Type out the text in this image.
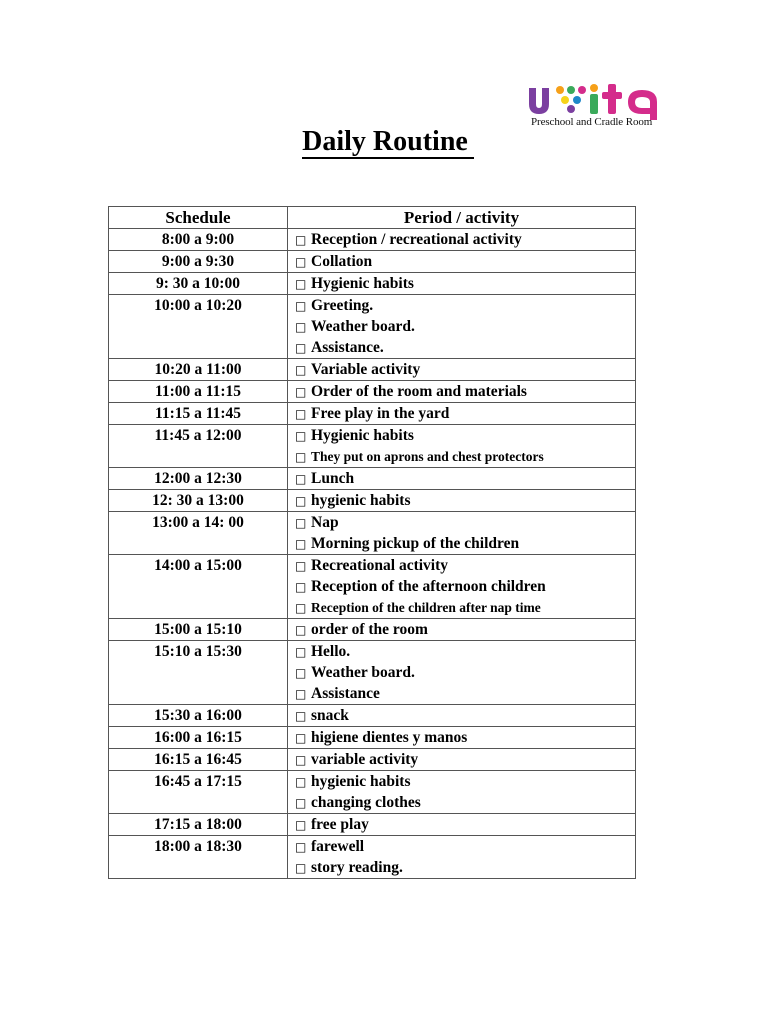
Preschool and Cradle Room
Daily Routine
Schedule	Period / activity
8:00 a 9:00	□ Reception / recreational activity

9:00 a 9:30	□ Collation

9: 30 a 10:00	□ Hygienic habits

10:00 a 10:20	□ Greeting.
□ Weather board.
□ Assistance.

10:20 a 11:00	□ Variable activity

11:00 a 11:15	□ Order of the room and materials

11:15 a 11:45	□ Free play in the yard

11:45 a 12:00	□ Hygienic habits
□ They put on aprons and chest protectors

12:00 a 12:30	□ Lunch

12: 30 a 13:00	□ hygienic habits

13:00 a 14: 00	□ Nap
□ Morning pickup of the children

14:00 a 15:00	□ Recreational activity
□ Reception of the afternoon children
□ Reception of the children after nap time

15:00 a 15:10	□ order of the room

15:10 a 15:30	□ Hello.
□ Weather board.
□ Assistance

15:30 a 16:00	□ snack

16:00 a 16:15	□ higiene dientes y manos

16:15 a 16:45	□ variable activity

16:45 a 17:15	□ hygienic habits
□ changing clothes

17:15 a 18:00	□ free play

18:00 a 18:30	□ farewell
□ story reading.
